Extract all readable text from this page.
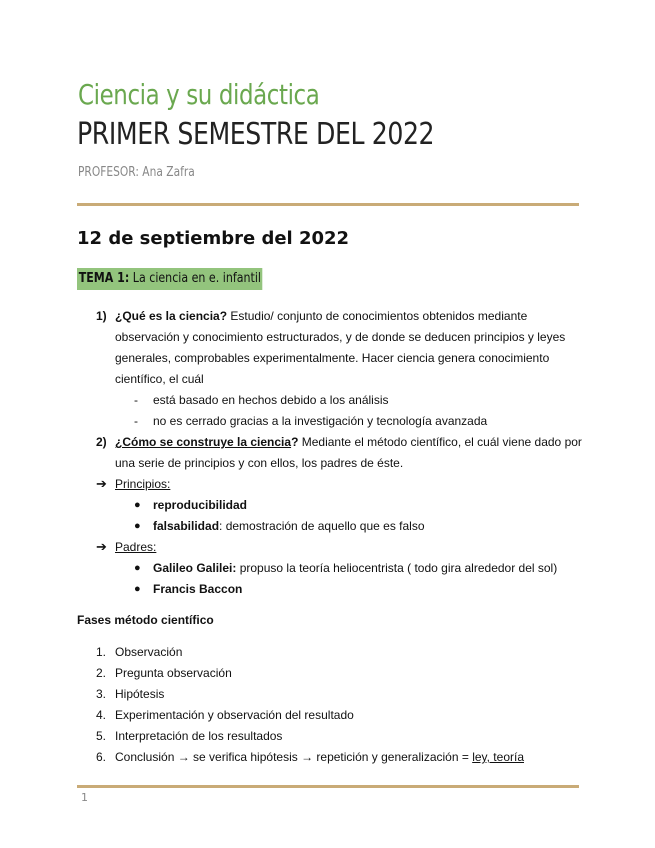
Ciencia y su didáctica
PRIMER SEMESTRE DEL 2022
PROFESOR: Ana Zafra
12 de septiembre del 2022
TEMA 1: La ciencia en e. infantil
1) ¿Qué es la ciencia? Estudio/ conjunto de conocimientos obtenidos mediante
observación y conocimiento estructurados, y de donde se deducen principios y leyes
generales, comprobables experimentalmente. Hacer ciencia genera conocimiento
científico, el cuál
- está basado en hechos debido a los análisis
- no es cerrado gracias a la investigación y tecnología avanzada
2) ¿Cómo se construye la ciencia? Mediante el método científico, el cuál viene dado por
una serie de principios y con ellos, los padres de éste.
➔ Principios:
● reproducibilidad
● falsabilidad: demostración de aquello que es falso
➔ Padres:
● Galileo Galilei: propuso la teoría heliocentrista ( todo gira alrededor del sol)
● Francis Baccon
Fases método científico
1. Observación
2. Pregunta observación
3. Hipótesis
4. Experimentación y observación del resultado
5. Interpretación de los resultados
6. Conclusión → se verifica hipótesis → repetición y generalización = ley, teoría
1
